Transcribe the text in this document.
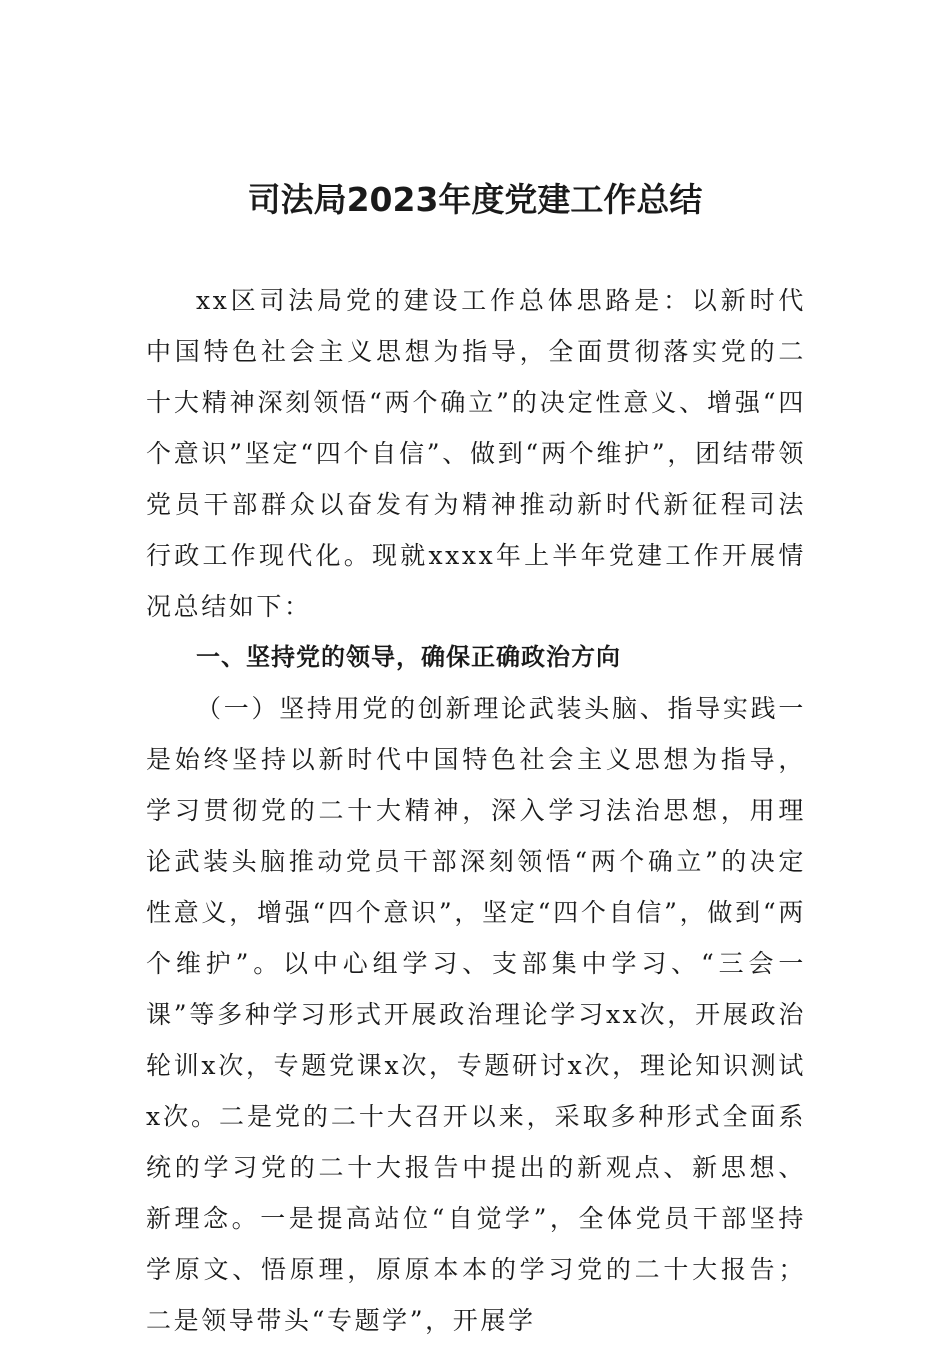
司法局2023年度党建工作总结

xx区司法局党的建设工作总体思路是：以新时代中国特色社会主义思想为指导，全面贯彻落实党的二十大精神深刻领悟“两个确立”的决定性意义、增强“四个意识”坚定“四个自信”、做到“两个维护”，团结带领党员干部群众以奋发有为精神推动新时代新征程司法行政工作现代化。现就xxxx年上半年党建工作开展情况总结如下：

一、坚持党的领导，确保正确政治方向

（一）坚持用党的创新理论武装头脑、指导实践一是始终坚持以新时代中国特色社会主义思想为指导，学习贯彻党的二十大精神，深入学习法治思想，用理论武装头脑推动党员干部深刻领悟“两个确立”的决定性意义，增强“四个意识”，坚定“四个自信”，做到“两个维护”。以中心组学习、支部集中学习、“三会一课”等多种学习形式开展政治理论学习xx次，开展政治轮训x次，专题党课x次，专题研讨x次，理论知识测试x次。二是党的二十大召开以来，采取多种形式全面系统的学习党的二十大报告中提出的新观点、新思想、新理念。一是提高站位“自觉学”，全体党员干部坚持学原文、悟原理，原原本本的学习党的二十大报告；二是领导带头“专题学”，开展学
